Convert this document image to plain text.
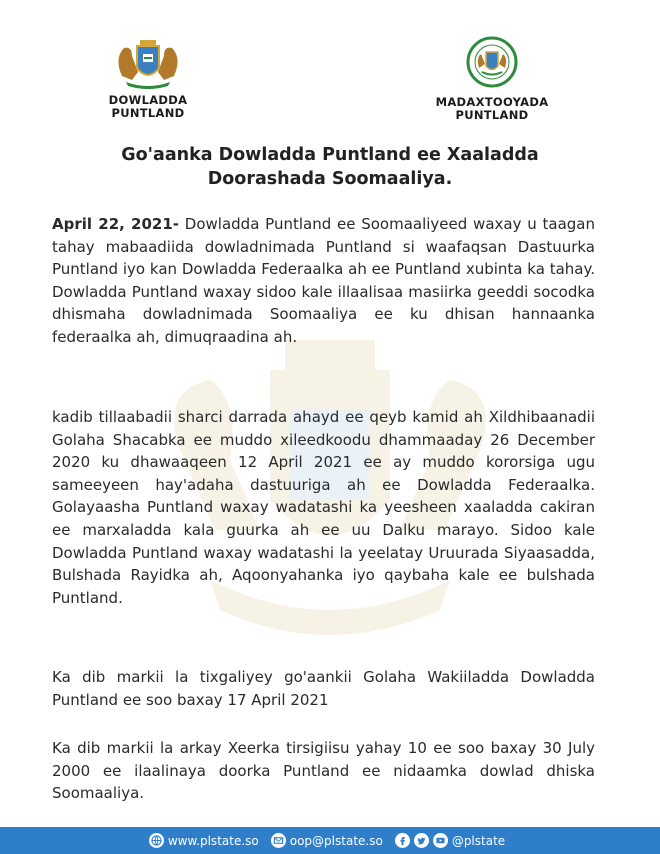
DOWLADDA
PUNTLAND
MADAXTOOYADA
PUNTLAND
Go'aanka Dowladda Puntland ee Xaaladda
Doorashada Soomaaliya.
April 22, 2021- Dowladda Puntland ee Soomaaliyeed waxay u taagan tahay mabaadiida dowladnimada Puntland si waafaqsan Dastuurka Puntland iyo kan Dowladda Federaalka ah ee Puntland xubinta ka tahay. Dowladda Puntland waxay sidoo kale illaalisaa masiirka geeddi socodka dhismaha dowladnimada Soomaaliya ee ku dhisan hannaanka federaalka ah, dimuqraadina ah.
kadib tillaabadii sharci darrada ahayd ee qeyb kamid ah Xildhibaanadii Golaha Shacabka ee muddo xileedkoodu dhammaaday 26 December 2020 ku dhawaaqeen 12 April 2021 ee ay muddo kororsiga ugu sameeyeen hay'adaha dastuuriga ah ee Dowladda Federaalka. Golayaasha Puntland waxay wadatashi ka yeesheen xaaladda cakiran ee marxaladda kala guurka ah ee uu Dalku marayo. Sidoo kale Dowladda Puntland waxay wadatashi la yeelatay Uruurada Siyaasadda, Bulshada Rayidka ah, Aqoonyahanka iyo qaybaha kale ee bulshada Puntland.
Ka dib markii la tixgaliyey go'aankii Golaha Wakiiladda Dowladda Puntland ee soo baxay 17 April 2021
Ka dib markii la arkay Xeerka tirsigiisu yahay 10 ee soo baxay 30 July 2000 ee ilaalinaya doorka Puntland ee nidaamka dowlad dhiska Soomaaliya.
www.plstate.so	oop@plstate.so	@plstate
